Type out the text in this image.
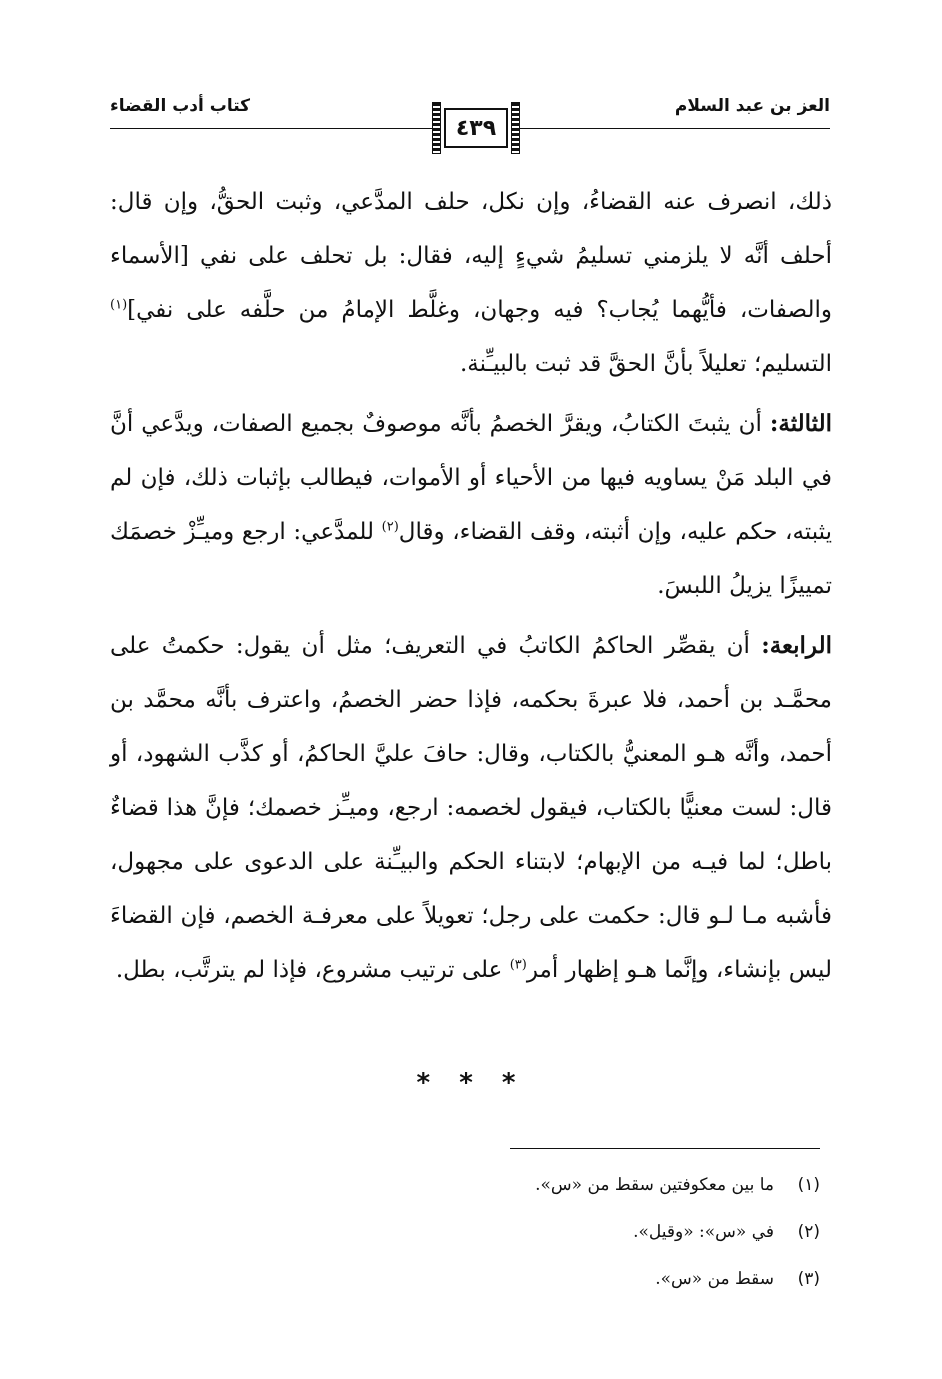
العز بن عبد السلام
كتاب أدب القضاء
٤٣٩

ذلك، انصرف عنه القضاءُ، وإن نكل، حلف المدَّعي، وثبت الحقُّ، وإن قال: أحلف أنَّه لا يلزمني تسليمُ شيءٍ إليه، فقال: بل تحلف على نفي [الأسماء والصفات، فأيُّهما يُجاب؟ فيه وجهان، وغلَّط الإمامُ من حلَّفه على نفي]$^{(١)}$ التسليم؛ تعليلاً بأنَّ الحقَّ قد ثبت بالبيـِّنة.

الثالثة: أن يثبتَ الكتابُ، ويقرَّ الخصمُ بأنَّه موصوفٌ بجميع الصفات، ويدَّعي أنَّ في البلد مَنْ يساويه فيها من الأحياء أو الأموات، فيطالب بإثبات ذلك، فإن لم يثبته، حكم عليه، وإن أثبته، وقف القضاء، وقال$^{(٢)}$ للمدَّعي: ارجع وميـِّزْ خصمَك تمييزًا يزيلُ اللبسَ.

الرابعة: أن يقصِّر الحاكمُ الكاتبُ في التعريف؛ مثل أن يقول: حكمتُ على محمَّـد بن أحمد، فلا عبرةَ بحكمه، فإذا حضر الخصمُ، واعترف بأنَّه محمَّد بن أحمد، وأنَّه هـو المعنيُّ بالكتاب، وقال: حافَ عليَّ الحاكمُ، أو كذَّب الشهود، أو قال: لست معنيًّا بالكتاب، فيقول لخصمه: ارجع، وميـِّز خصمك؛ فإنَّ هذا قضاءٌ باطل؛ لما فيـه من الإبهام؛ لابتناء الحكم والبيـِّنة على الدعوى على مجهول، فأشبه مـا لـو قال: حكمت على رجل؛ تعويلاً على معرفـة الخصم، فإن القضاءَ ليس بإنشاء، وإنَّما هـو إظهار أمر$^{(٣)}$ على ترتيب مشروع، فإذا لم يترتَّب، بطل.

* * *
(١)
ما بين معكوفتين سقط من «س».
(٢)
في «س»: «وقيل».
(٣)
سقط من «س».
